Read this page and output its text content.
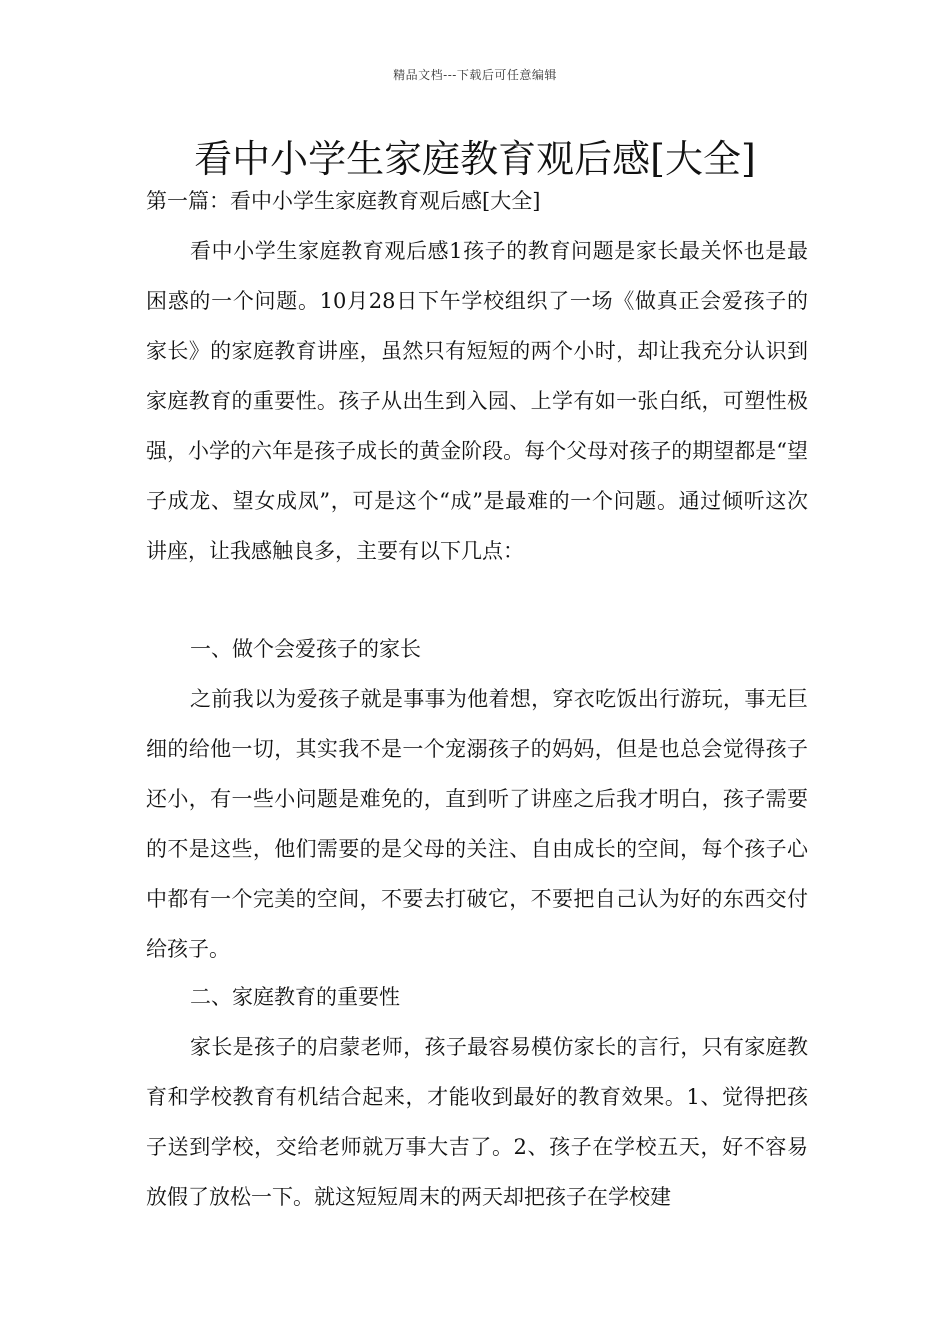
精品文档---下载后可任意编辑
看中小学生家庭教育观后感[大全]

第一篇：看中小学生家庭教育观后感[大全]

看中小学生家庭教育观后感1孩子的教育问题是家长最关怀也是最困惑的一个问题。10月28日下午学校组织了一场《做真正会爱孩子的家长》的家庭教育讲座，虽然只有短短的两个小时，却让我充分认识到家庭教育的重要性。孩子从出生到入园、上学有如一张白纸，可塑性极强，小学的六年是孩子成长的黄金阶段。每个父母对孩子的期望都是“望子成龙、望女成凤”，可是这个“成”是最难的一个问题。通过倾听这次讲座，让我感触良多，主要有以下几点：

一、做个会爱孩子的家长

之前我以为爱孩子就是事事为他着想，穿衣吃饭出行游玩，事无巨细的给他一切，其实我不是一个宠溺孩子的妈妈，但是也总会觉得孩子还小，有一些小问题是难免的，直到听了讲座之后我才明白，孩子需要的不是这些，他们需要的是父母的关注、自由成长的空间，每个孩子心中都有一个完美的空间，不要去打破它，不要把自己认为好的东西交付给孩子。

二、家庭教育的重要性

家长是孩子的启蒙老师，孩子最容易模仿家长的言行，只有家庭教育和学校教育有机结合起来，才能收到最好的教育效果。1、觉得把孩子送到学校，交给老师就万事大吉了。2、孩子在学校五天，好不容易放假了放松一下。就这短短周末的两天却把孩子在学校建
